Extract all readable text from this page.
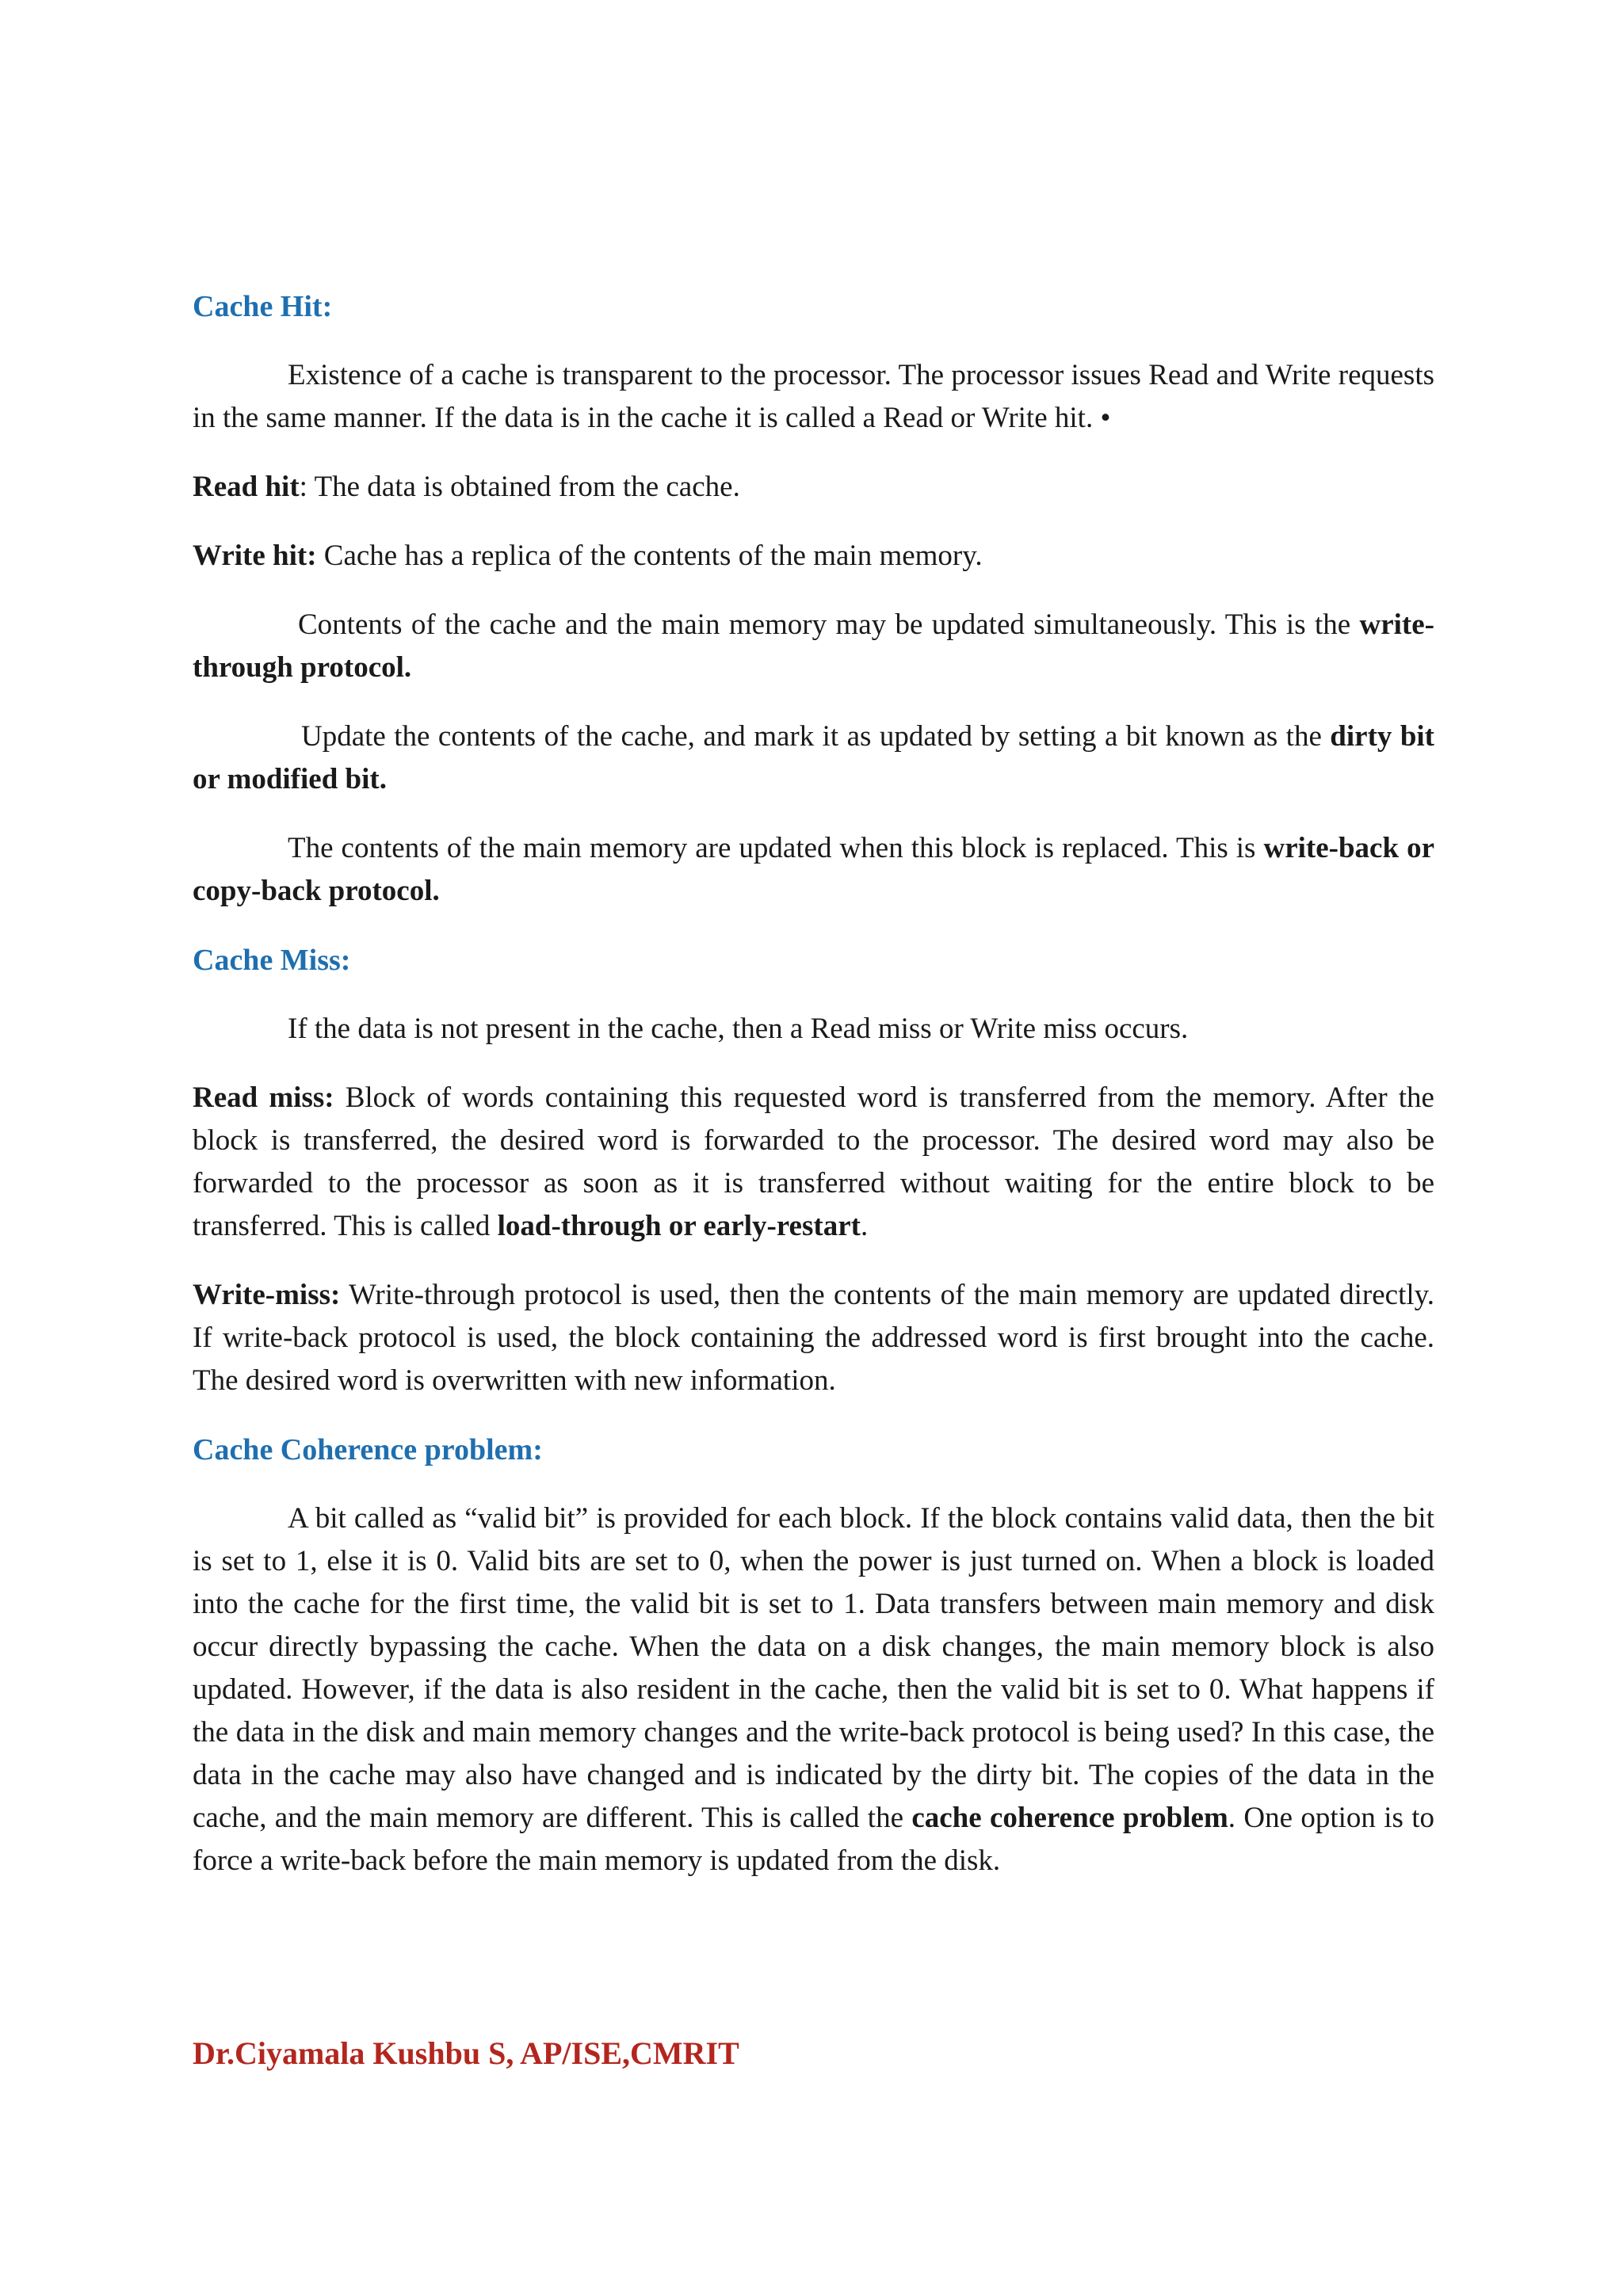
Cache Hit:

Existence of a cache is transparent to the processor. The processor issues Read and Write requests in the same manner. If the data is in the cache it is called a Read or Write hit. •

Read hit: The data is obtained from the cache.

Write hit: Cache has a replica of the contents of the main memory.

Contents of the cache and the main memory may be updated simultaneously. This is the write-through protocol.

Update the contents of the cache, and mark it as updated by setting a bit known as the dirty bit or modified bit.

The contents of the main memory are updated when this block is replaced. This is write-back or copy-back protocol.

Cache Miss:

If the data is not present in the cache, then a Read miss or Write miss occurs.

Read miss: Block of words containing this requested word is transferred from the memory. After the block is transferred, the desired word is forwarded to the processor. The desired word may also be forwarded to the processor as soon as it is transferred without waiting for the entire block to be transferred. This is called load-through or early-restart.

Write-miss: Write-through protocol is used, then the contents of the main memory are updated directly. If write-back protocol is used, the block containing the addressed word is first brought into the cache. The desired word is overwritten with new information.

Cache Coherence problem:

A bit called as “valid bit” is provided for each block. If the block contains valid data, then the bit is set to 1, else it is 0. Valid bits are set to 0, when the power is just turned on. When a block is loaded into the cache for the first time, the valid bit is set to 1. Data transfers between main memory and disk occur directly bypassing the cache. When the data on a disk changes, the main memory block is also updated. However, if the data is also resident in the cache, then the valid bit is set to 0. What happens if the data in the disk and main memory changes and the write-back protocol is being used? In this case, the data in the cache may also have changed and is indicated by the dirty bit. The copies of the data in the cache, and the main memory are different. This is called the cache coherence problem. One option is to force a write-back before the main memory is updated from the disk.

Dr.Ciyamala Kushbu S, AP/ISE,CMRIT
